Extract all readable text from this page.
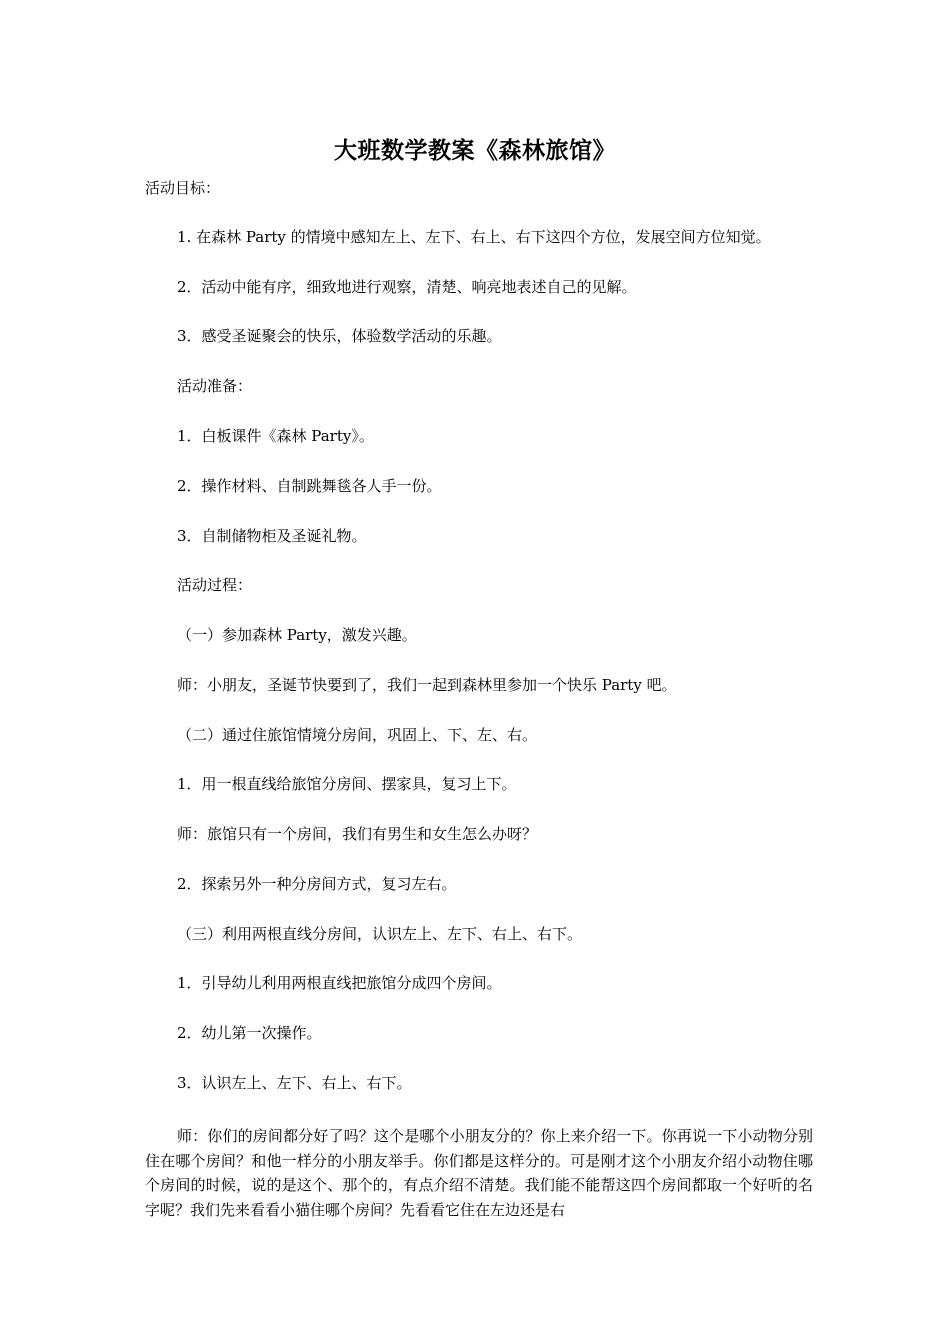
大班数学教案《森林旅馆》
活动目标：
1. 在森林 Party 的情境中感知左上、左下、右上、右下这四个方位，发展空间方位知觉。
2．活动中能有序，细致地进行观察，清楚、响亮地表述自己的见解。
3．感受圣诞聚会的快乐，体验数学活动的乐趣。
活动准备：
1．白板课件《森林 Party》。
2．操作材料、自制跳舞毯各人手一份。
3．自制储物柜及圣诞礼物。
活动过程：
（一）参加森林 Party，激发兴趣。
师：小朋友，圣诞节快要到了，我们一起到森林里参加一个快乐 Party 吧。
（二）通过住旅馆情境分房间，巩固上、下、左、右。
1．用一根直线给旅馆分房间、摆家具，复习上下。
师：旅馆只有一个房间，我们有男生和女生怎么办呀？
2．探索另外一种分房间方式，复习左右。
（三）利用两根直线分房间，认识左上、左下、右上、右下。
1．引导幼儿利用两根直线把旅馆分成四个房间。
2．幼儿第一次操作。
3．认识左上、左下、右上、右下。
师：你们的房间都分好了吗？这个是哪个小朋友分的？你上来介绍一下。你再说一下小动物分别住在哪个房间？和他一样分的小朋友举手。你们都是这样分的。可是刚才这个小朋友介绍小动物住哪个房间的时候，说的是这个、那个的，有点介绍不清楚。我们能不能帮这四个房间都取一个好听的名字呢？我们先来看看小猫住哪个房间？先看看它住在左边还是右
